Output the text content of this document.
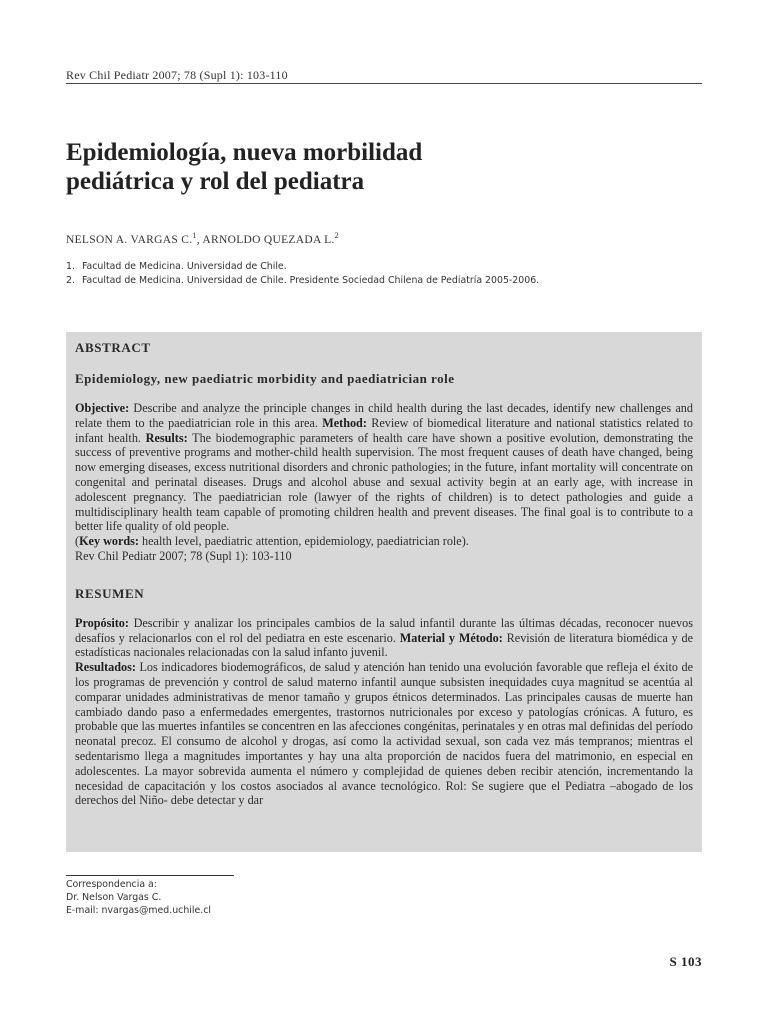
Rev Chil Pediatr 2007; 78 (Supl 1): 103-110
Epidemiología, nueva morbilidad
pediátrica y rol del pediatra
NELSON A. VARGAS C.$^1$, ARNOLDO QUEZADA L.$^2$
1. Facultad de Medicina. Universidad de Chile.
2. Facultad de Medicina. Universidad de Chile. Presidente Sociedad Chilena de Pediatría 2005-2006.
ABSTRACT
Epidemiology, new paediatric morbidity and paediatrician role

Objective: Describe and analyze the principle changes in child health during the last decades, identify new challenges and relate them to the paediatrician role in this area. Method: Review of biomedical literature and national statistics related to infant health. Results: The biodemographic parameters of health care have shown a positive evolution, demonstrating the success of preventive programs and mother-child health supervision. The most frequent causes of death have changed, being now emerging diseases, excess nutritional disorders and chronic pathologies; in the future, infant mortality will concentrate on congenital and perinatal diseases. Drugs and alcohol abuse and sexual activity begin at an early age, with increase in adolescent pregnancy. The paediatrician role (lawyer of the rights of children) is to detect pathologies and guide a multidisciplinary health team capable of promoting children health and prevent diseases. The final goal is to contribute to a better life quality of old people.
(Key words: health level, paediatric attention, epidemiology, paediatrician role).
Rev Chil Pediatr 2007; 78 (Supl 1): 103-110

RESUMEN

Propósito: Describir y analizar los principales cambios de la salud infantil durante las últimas décadas, reconocer nuevos desafíos y relacionarlos con el rol del pediatra en este escenario. Material y Método: Revisión de literatura biomédica y de estadísticas nacionales relacionadas con la salud infanto juvenil.
Resultados: Los indicadores biodemográficos, de salud y atención han tenido una evolución favorable que refleja el éxito de los programas de prevención y control de salud materno infantil aunque subsisten inequidades cuya magnitud se acentúa al comparar unidades administrativas de menor tamaño y grupos étnicos determinados. Las principales causas de muerte han cambiado dando paso a enfermedades emergentes, trastornos nutricionales por exceso y patologías crónicas. A futuro, es probable que las muertes infantiles se concentren en las afecciones congénitas, perinatales y en otras mal definidas del período neonatal precoz. El consumo de alcohol y drogas, así como la actividad sexual, son cada vez más tempranos; mientras el sedentarismo llega a magnitudes importantes y hay una alta proporción de nacidos fuera del matrimonio, en especial en adolescentes. La mayor sobrevida aumenta el número y complejidad de quienes deben recibir atención, incrementando la necesidad de capacitación y los costos asociados al avance tecnológico. Rol: Se sugiere que el Pediatra –abogado de los derechos del Niño- debe detectar y dar

Correspondencia a:
Dr. Nelson Vargas C.
E-mail: nvargas@med.uchile.cl
S 103
